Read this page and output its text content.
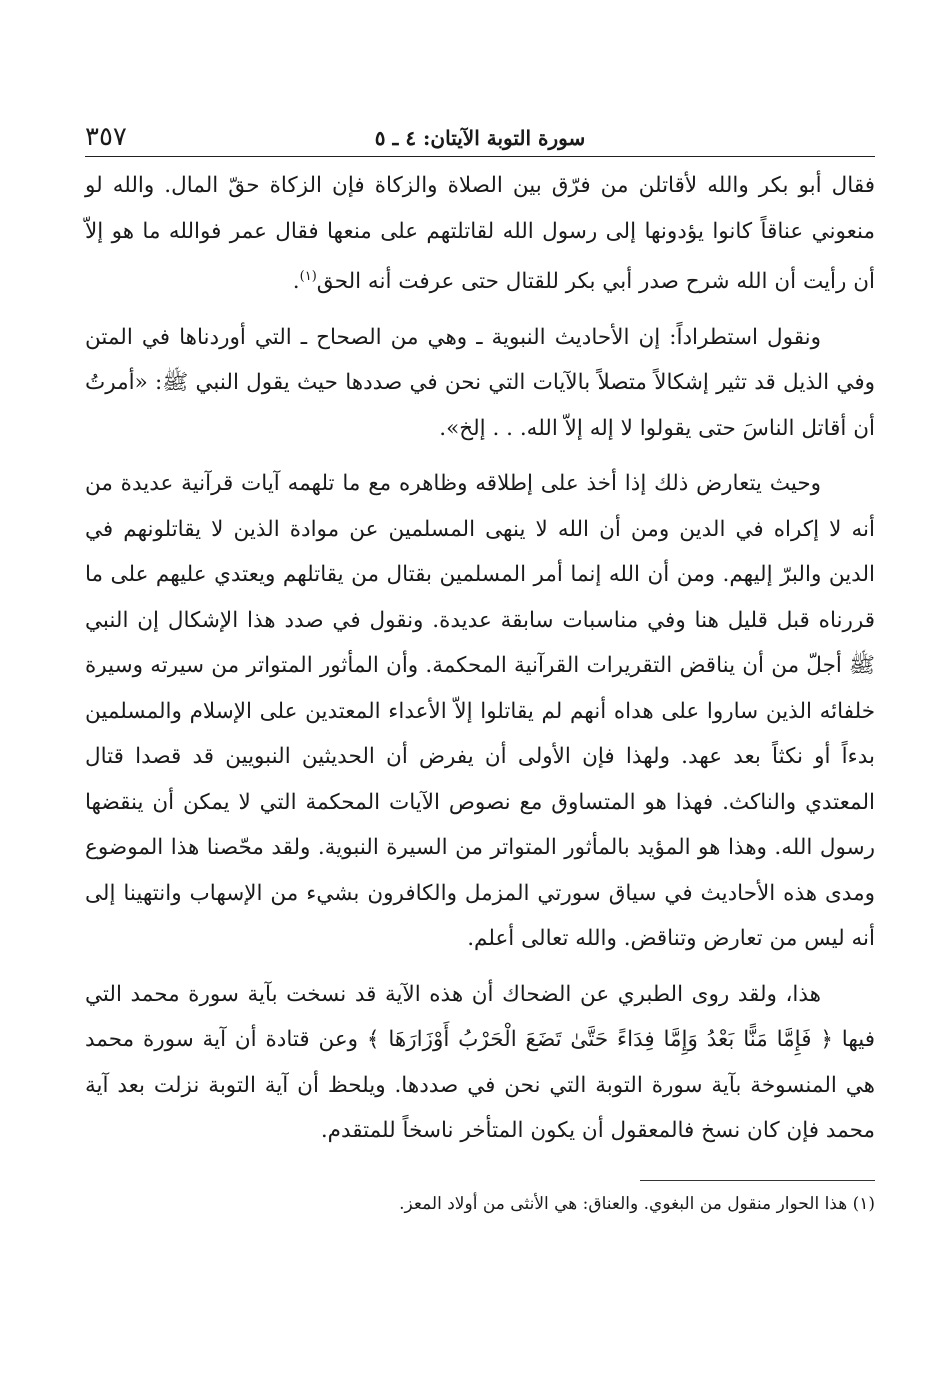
سورة التوبة الآيتان: ٤ ـ ٥
٣٥٧

فقال أبو بكر والله لأقاتلن من فرّق بين الصلاة والزكاة فإن الزكاة حقّ المال. والله لو منعوني عناقاً كانوا يؤدونها إلى رسول الله لقاتلتهم على منعها فقال عمر فوالله ما هو إلاّ أن رأيت أن الله شرح صدر أبي بكر للقتال حتى عرفت أنه الحق$^{(١)}$.

ونقول استطراداً: إن الأحاديث النبوية ـ وهي من الصحاح ـ التي أوردناها في المتن وفي الذيل قد تثير إشكالاً متصلاً بالآيات التي نحن في صددها حيث يقول النبي ﷺ: «أمرتُ أن أقاتل الناسَ حتى يقولوا لا إله إلاّ الله. . . إلخ».

وحيث يتعارض ذلك إذا أخذ على إطلاقه وظاهره مع ما تلهمه آيات قرآنية عديدة من أنه لا إكراه في الدين ومن أن الله لا ينهى المسلمين عن موادة الذين لا يقاتلونهم في الدين والبرّ إليهم. ومن أن الله إنما أمر المسلمين بقتال من يقاتلهم ويعتدي عليهم على ما قررناه قبل قليل هنا وفي مناسبات سابقة عديدة. ونقول في صدد هذا الإشكال إن النبي ﷺ أجلّ من أن يناقض التقريرات القرآنية المحكمة. وأن المأثور المتواتر من سيرته وسيرة خلفائه الذين ساروا على هداه أنهم لم يقاتلوا إلاّ الأعداء المعتدين على الإسلام والمسلمين بدءاً أو نكثاً بعد عهد. ولهذا فإن الأولى أن يفرض أن الحديثين النبويين قد قصدا قتال المعتدي والناكث. فهذا هو المتساوق مع نصوص الآيات المحكمة التي لا يمكن أن ينقضها رسول الله. وهذا هو المؤيد بالمأثور المتواتر من السيرة النبوية. ولقد محّصنا هذا الموضوع ومدى هذه الأحاديث في سياق سورتي المزمل والكافرون بشيء من الإسهاب وانتهينا إلى أنه ليس من تعارض وتناقض. والله تعالى أعلم.

هذا، ولقد روى الطبري عن الضحاك أن هذه الآية قد نسخت بآية سورة محمد التي فيها ﴿ فَإِمَّا مَنًّا بَعْدُ وَإِمَّا فِدَاءً حَتَّىٰ تَضَعَ الْحَرْبُ أَوْزَارَهَا ﴾ وعن قتادة أن آية سورة محمد هي المنسوخة بآية سورة التوبة التي نحن في صددها. ويلحظ أن آية التوبة نزلت بعد آية محمد فإن كان نسخ فالمعقول أن يكون المتأخر ناسخاً للمتقدم.

(١) هذا الحوار منقول من البغوي. والعناق: هي الأنثى من أولاد المعز.
